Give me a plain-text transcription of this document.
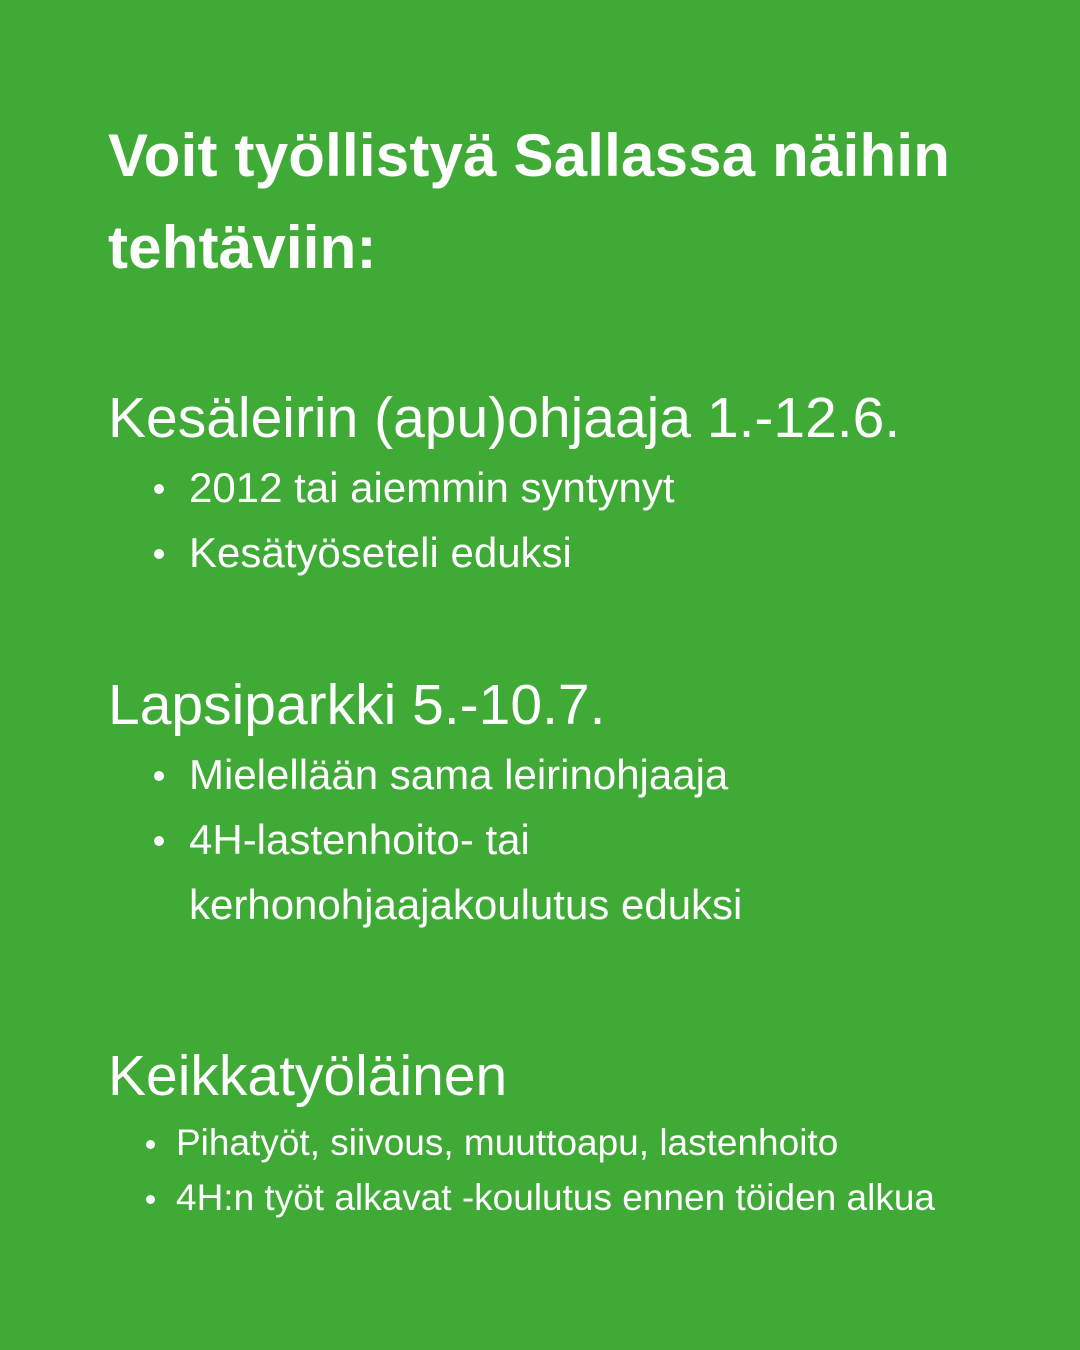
Voit työllistyä Sallassa näihin tehtäviin:
Kesäleirin (apu)ohjaaja 1.-12.6.
2012 tai aiemmin syntynyt
Kesätyöseteli eduksi
Lapsiparkki 5.-10.7.
Mielellään sama leirinohjaaja
4H-lastenhoito- tai kerhonohjaajakoulutus eduksi
Keikkatyöläinen
Pihatyöt, siivous, muuttoapu, lastenhoito
4H:n työt alkavat -koulutus ennen töiden alkua
